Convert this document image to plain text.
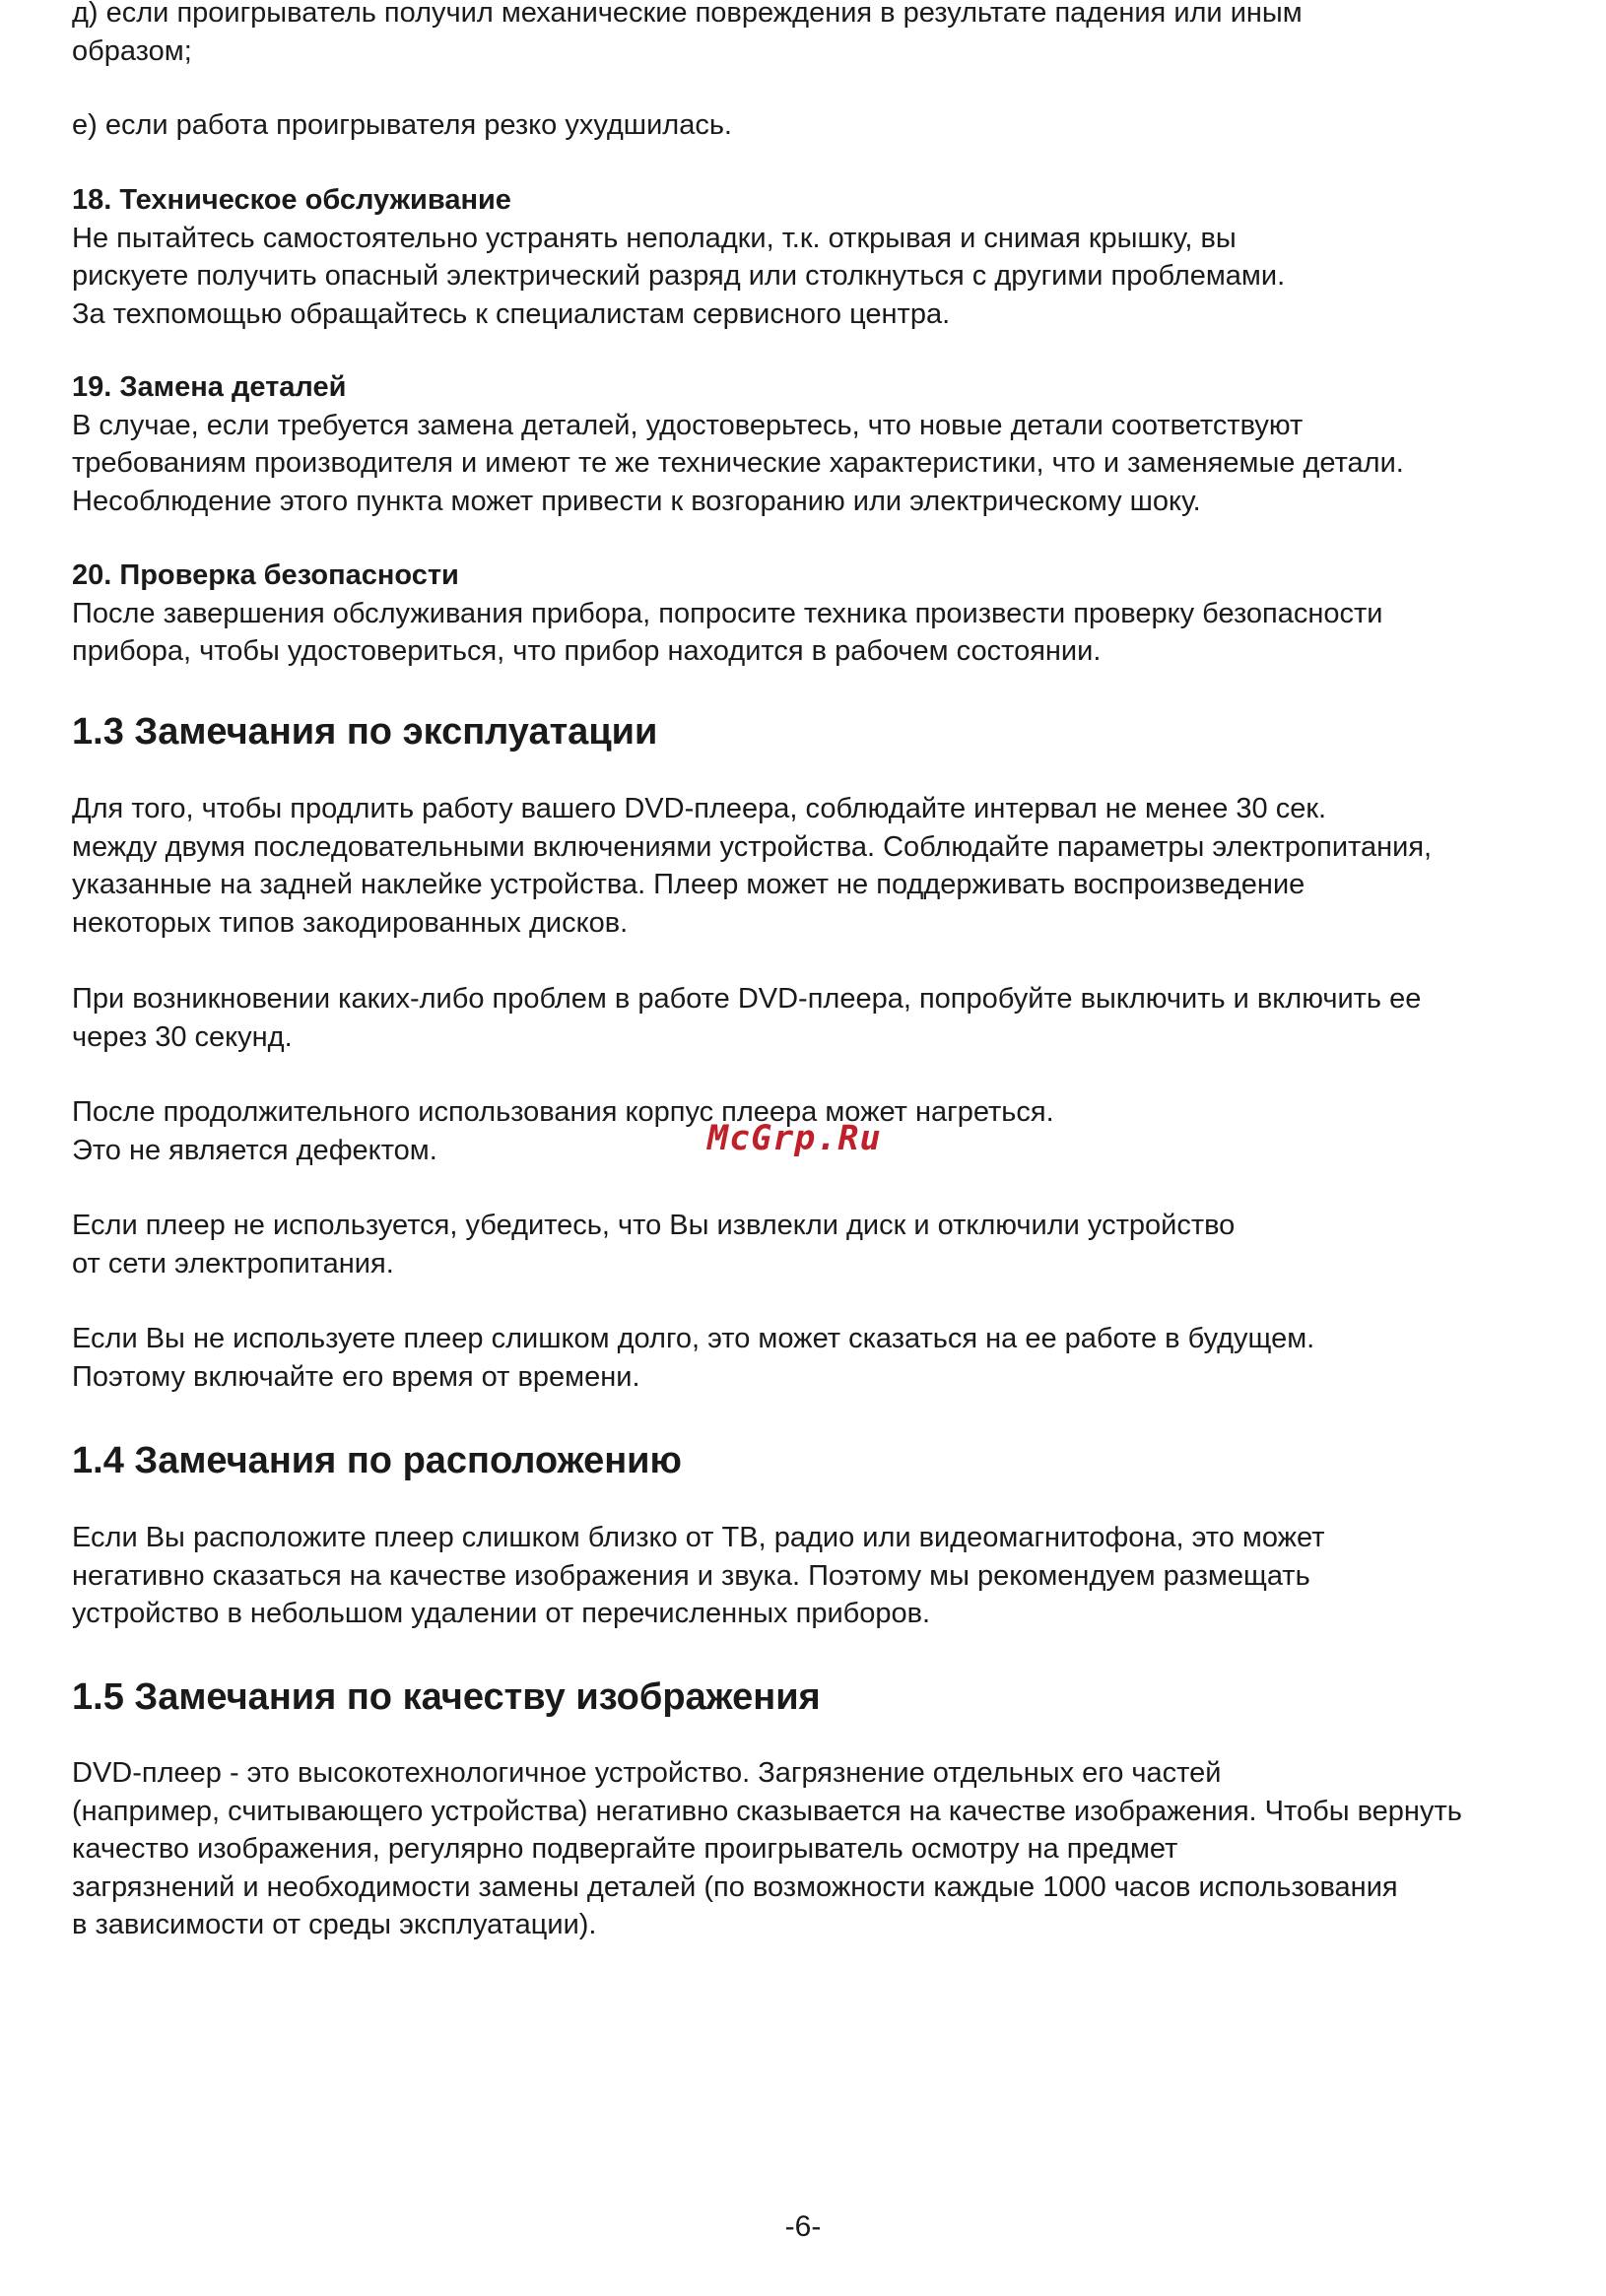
д) если проигрыватель получил механические повреждения в результате падения или иным
образом;
е) если работа проигрывателя резко ухудшилась.
18. Техническое обслуживание
Не пытайтесь самостоятельно устранять неполадки, т.к. открывая и снимая крышку, вы
рискуете получить опасный электрический разряд или столкнуться с другими проблемами.
За техпомощью обращайтесь к специалистам сервисного центра.
19. Замена деталей
В случае, если требуется замена деталей, удостоверьтесь, что новые детали соответствуют
требованиям производителя и имеют те же технические характеристики, что и заменяемые детали.
Несоблюдение этого пункта может привести к возгоранию или электрическому шоку.
20. Проверка безопасности
После завершения обслуживания прибора, попросите техника произвести проверку безопасности
прибора, чтобы удостовериться, что прибор находится в рабочем состоянии.
1.3 Замечания по эксплуатации
Для того, чтобы продлить работу вашего DVD-плеера, соблюдайте интервал не менее 30 сек.
между двумя последовательными включениями устройства. Соблюдайте параметры электропитания,
указанные на задней наклейке устройства. Плеер может не поддерживать воспроизведение
некоторых типов закодированных дисков.
При возникновении каких-либо проблем в работе DVD-плеера, попробуйте выключить и включить ее
через 30 секунд.
После продолжительного использования корпус плеера может нагреться.
Это не является дефектом.
Если плеер не используется, убедитесь, что Вы извлекли диск и отключили устройство
от сети электропитания.
Если Вы не используете плеер слишком долго, это может сказаться на ее работе в будущем.
Поэтому включайте его время от времени.
1.4 Замечания по расположению
Если Вы расположите плеер слишком близко от ТВ, радио или видеомагнитофона, это может
негативно сказаться на качестве изображения и звука. Поэтому мы рекомендуем размещать
устройство в небольшом удалении от перечисленных приборов.
1.5 Замечания по качеству изображения
DVD-плеер - это высокотехнологичное устройство. Загрязнение отдельных его частей
(например, считывающего устройства) негативно сказывается на качестве изображения. Чтобы вернуть
качество изображения, регулярно подвергайте проигрыватель осмотру на предмет
загрязнений и необходимости замены деталей (по возможности каждые 1000 часов использования
в зависимости от среды эксплуатации).
McGrp.Ru
-6-
